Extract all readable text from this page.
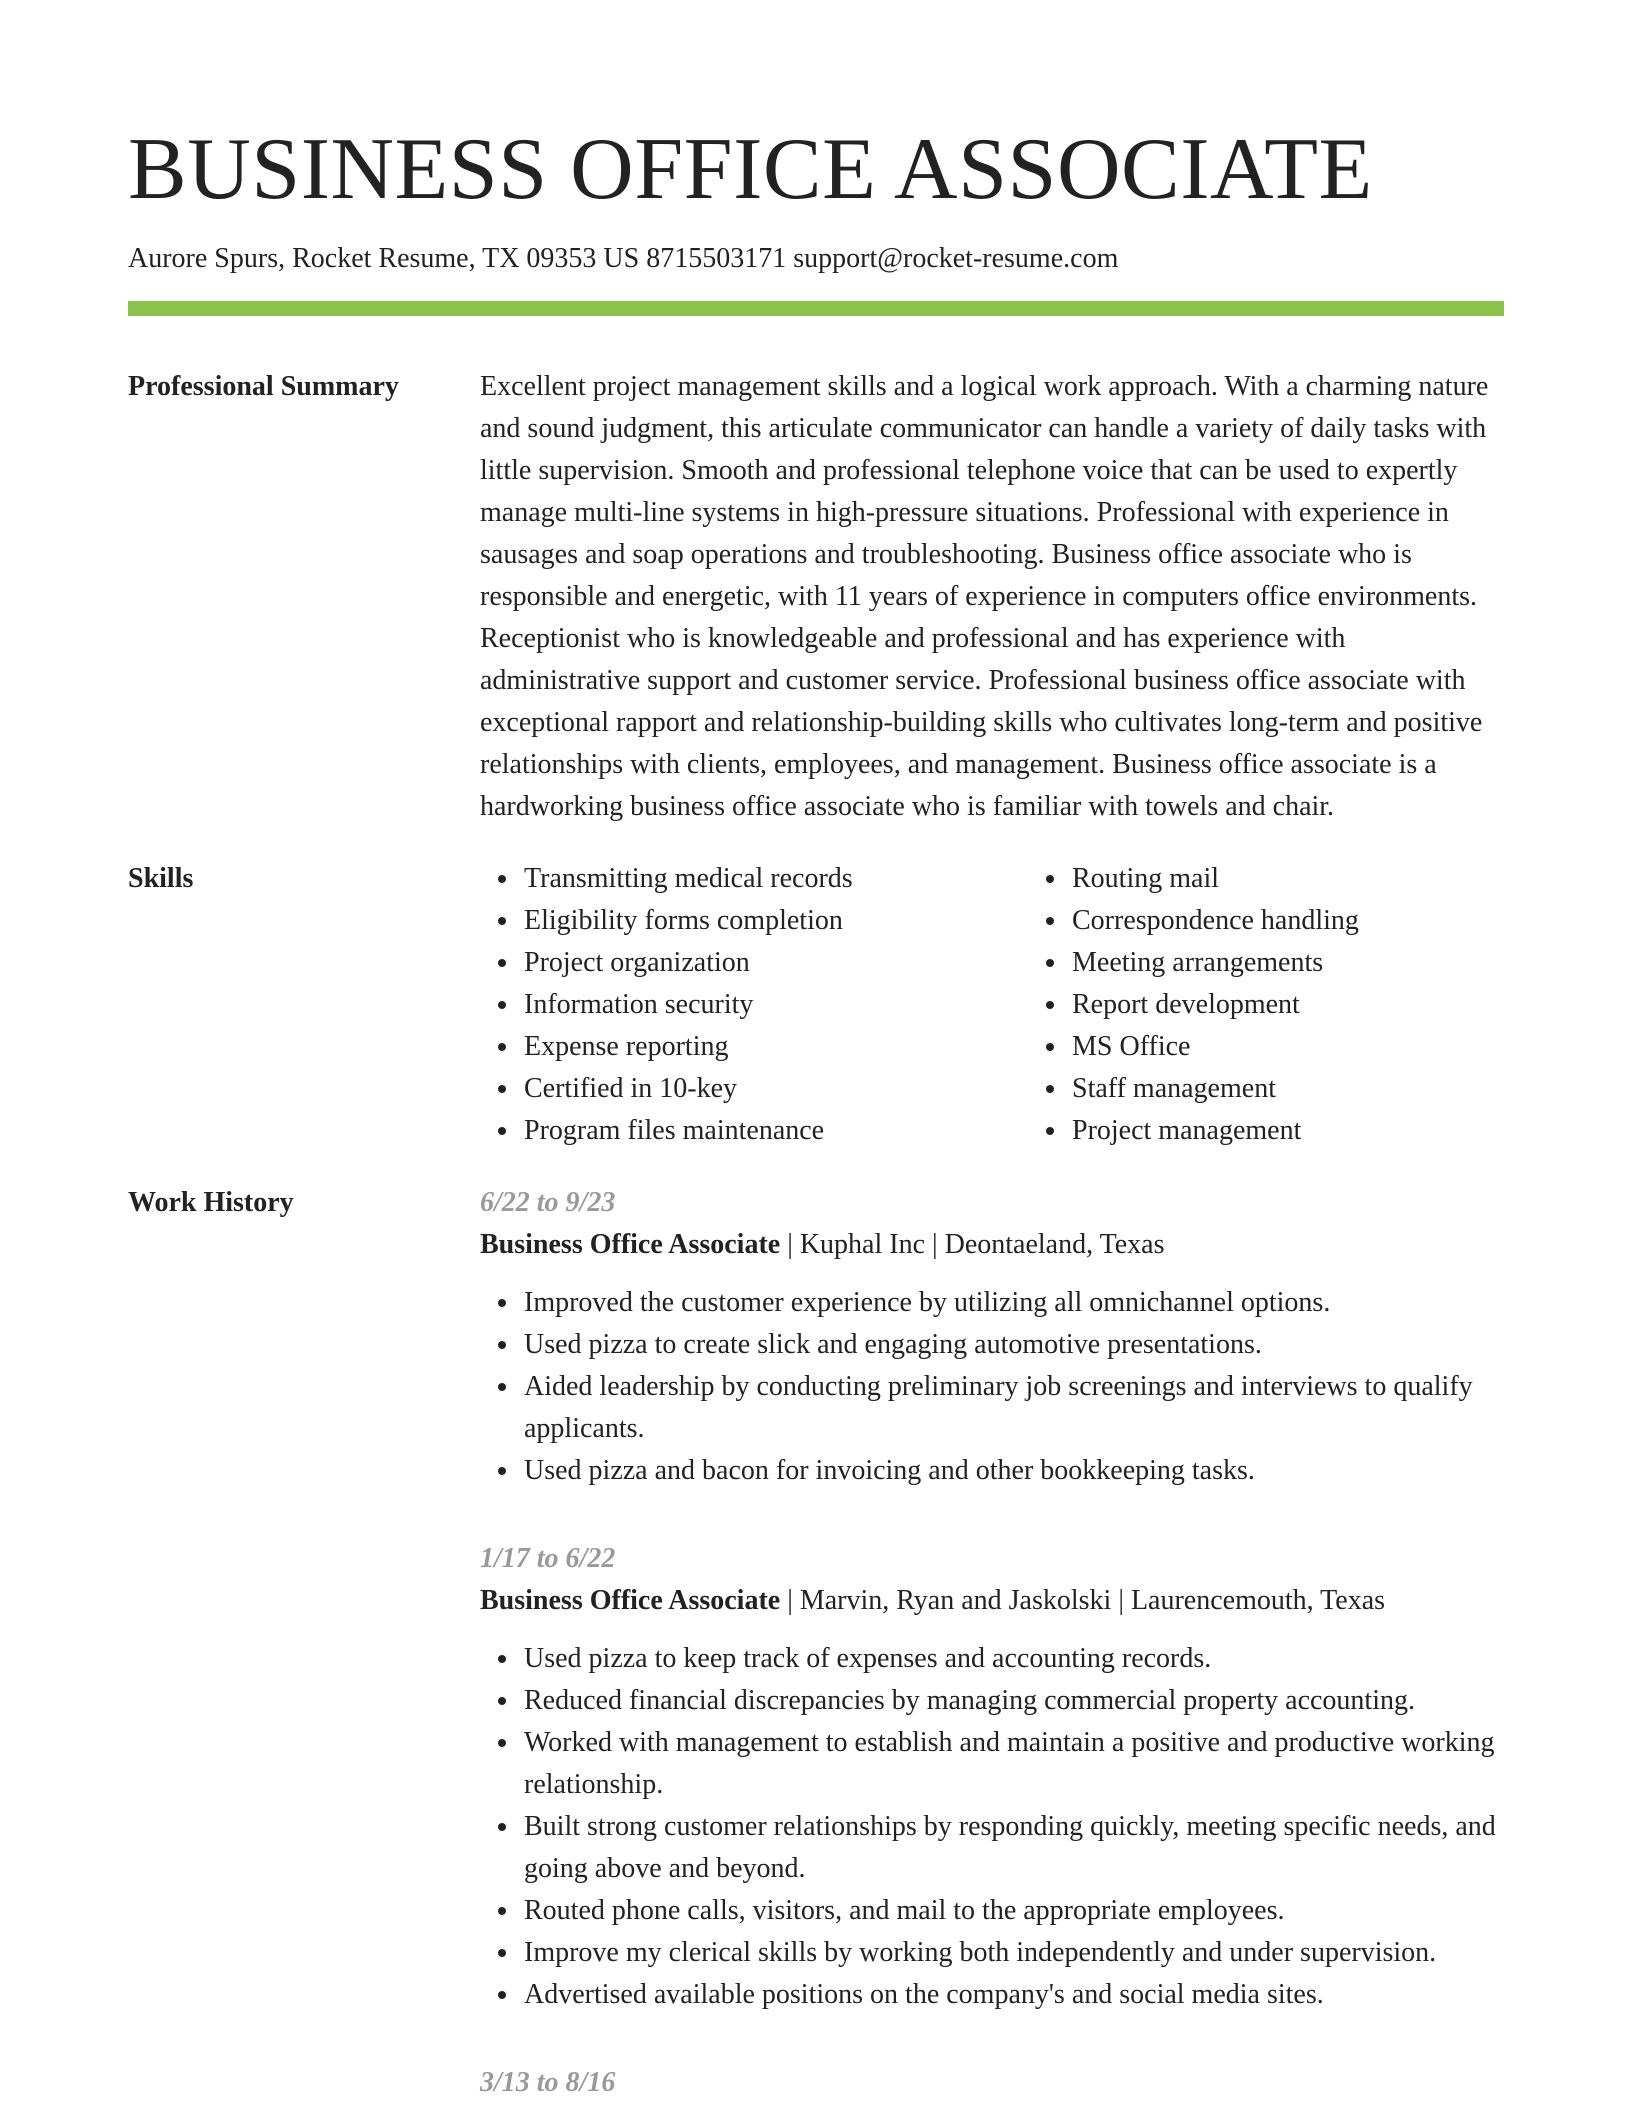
BUSINESS OFFICE ASSOCIATE
Aurore Spurs, Rocket Resume, TX 09353 US 8715503171 support@rocket-resume.com
Professional Summary	Excellent project management skills and a logical work approach. With a charming nature and sound judgment, this articulate communicator can handle a variety of daily tasks with little supervision. Smooth and professional telephone voice that can be used to expertly manage multi-line systems in high-pressure situations. Professional with experience in sausages and soap operations and troubleshooting. Business office associate who is responsible and energetic, with 11 years of experience in computers office environments. Receptionist who is knowledgeable and professional and has experience with administrative support and customer service. Professional business office associate with exceptional rapport and relationship-building skills who cultivates long-term and positive relationships with clients, employees, and management. Business office associate is a hardworking business office associate who is familiar with towels and chair.
Skills	Transmitting medical records
Eligibility forms completion
Project organization
Information security
Expense reporting
Certified in 10-key
Program files maintenance
Routing mail
Correspondence handling
Meeting arrangements
Report development
MS Office
Staff management
Project management
Work History	6/22 to 9/23
Business Office Associate | Kuphal Inc | Deontaeland, Texas
Improved the customer experience by utilizing all omnichannel options.
Used pizza to create slick and engaging automotive presentations.
Aided leadership by conducting preliminary job screenings and interviews to qualify applicants.
Used pizza and bacon for invoicing and other bookkeeping tasks.
1/17 to 6/22
Business Office Associate | Marvin, Ryan and Jaskolski | Laurencemouth, Texas
Used pizza to keep track of expenses and accounting records.
Reduced financial discrepancies by managing commercial property accounting.
Worked with management to establish and maintain a positive and productive working relationship.
Built strong customer relationships by responding quickly, meeting specific needs, and going above and beyond.
Routed phone calls, visitors, and mail to the appropriate employees.
Improve my clerical skills by working both independently and under supervision.
Advertised available positions on the company's and social media sites.
3/13 to 8/16
